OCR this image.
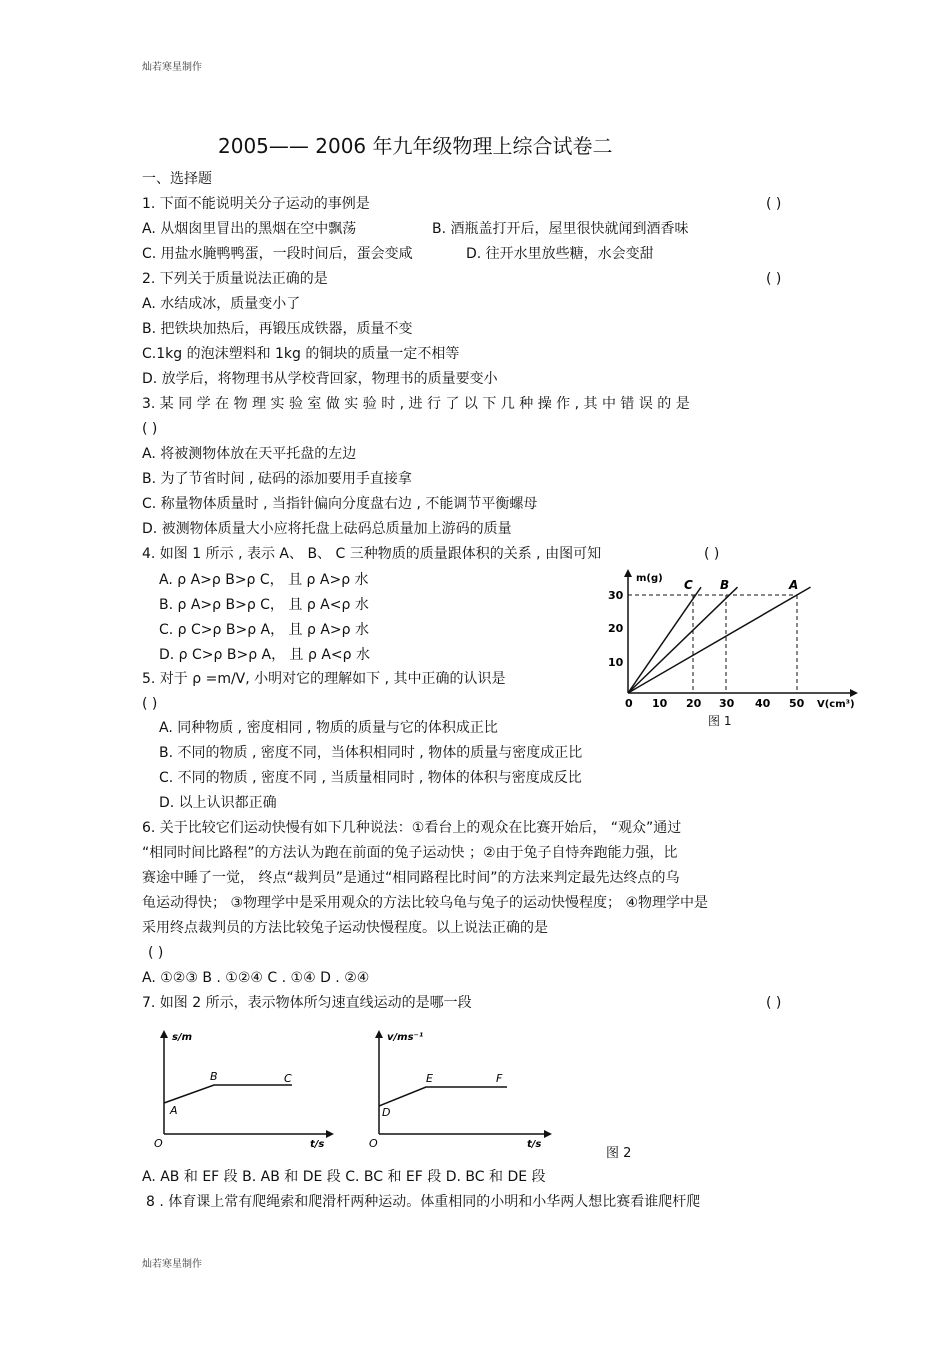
灿若寒星制作
灿若寒星制作
2005—— 2006 年九年级物理上综合试卷二
一、选择题
1. 下面不能说明关分子运动的事例是	( )
A. 从烟囱里冒出的黑烟在空中飘荡	B. 酒瓶盖打开后，屋里很快就闻到酒香味
C. 用盐水腌鸭鸭蛋，一段时间后，蛋会变咸	D. 往开水里放些糖，水会变甜
2. 下列关于质量说法正确的是	( )
A. 水结成冰，质量变小了
B. 把铁块加热后，再锻压成铁器，质量不变
C.1kg 的泡沫塑料和 1kg 的铜块的质量一定不相等
D. 放学后，将物理书从学校背回家，物理书的质量要变小
3. 某 同 学 在 物 理 实 验 室 做 实 验 时 , 进 行 了 以 下 几 种 操 作 , 其 中 错 误 的 是
( )
A. 将被测物体放在天平托盘的左边
B. 为了节省时间 , 砝码的添加要用手直接拿
C. 称量物体质量时 , 当指针偏向分度盘右边 , 不能调节平衡螺母
D. 被测物体质量大小应将托盘上砝码总质量加上游码的质量
4. 如图 1 所示 , 表示 A、 B、 C 三种物质的质量跟体积的关系 , 由图可知	( )
A. ρ A>ρ B>ρ C， 且 ρ A>ρ 水
B. ρ A>ρ B>ρ C， 且 ρ A<ρ 水
C. ρ C>ρ B>ρ A， 且 ρ A>ρ 水
D. ρ C>ρ B>ρ A， 且 ρ A<ρ 水
5. 对于 ρ =m/V, 小明对它的理解如下 , 其中正确的认识是
( )
A. 同种物质 , 密度相同 , 物质的质量与它的体积成正比
B. 不同的物质 , 密度不同，当体积相同时 , 物体的质量与密度成正比
C. 不同的物质 , 密度不同 , 当质量相同时 , 物体的体积与密度成反比
D. 以上认识都正确
6. 关于比较它们运动快慢有如下几种说法：①看台上的观众在比赛开始后， “观众”通过
“相同时间比路程”的方法认为跑在前面的兔子运动快 ；②由于兔子自恃奔跑能力强，比
赛途中睡了一觉， 终点“裁判员”是通过“相同路程比时间”的方法来判定最先达终点的乌
龟运动得快； ③物理学中是采用观众的方法比较乌龟与兔子的运动快慢程度； ④物理学中是
采用终点裁判员的方法比较兔子运动快慢程度。以上说法正确的是
( )
A. ①②③ B . ①②④ C . ①④ D . ②④
7. 如图 2 所示，表示物体所匀速直线运动的是哪一段	( )
A. AB 和 EF 段 B. AB 和 DE 段 C. BC 和 EF 段 D. BC 和 DE 段
8 . 体育课上常有爬绳索和爬滑杆两种运动。体重相同的小明和小华两人想比赛看谁爬杆爬
m(g)
V(cm³)
10
20
30
0 10 20 30 40 50
C B	A
图 1
s/m
t/s
O
A
B	C
v/ms⁻¹
t/s
O
D
E	F
图 2
